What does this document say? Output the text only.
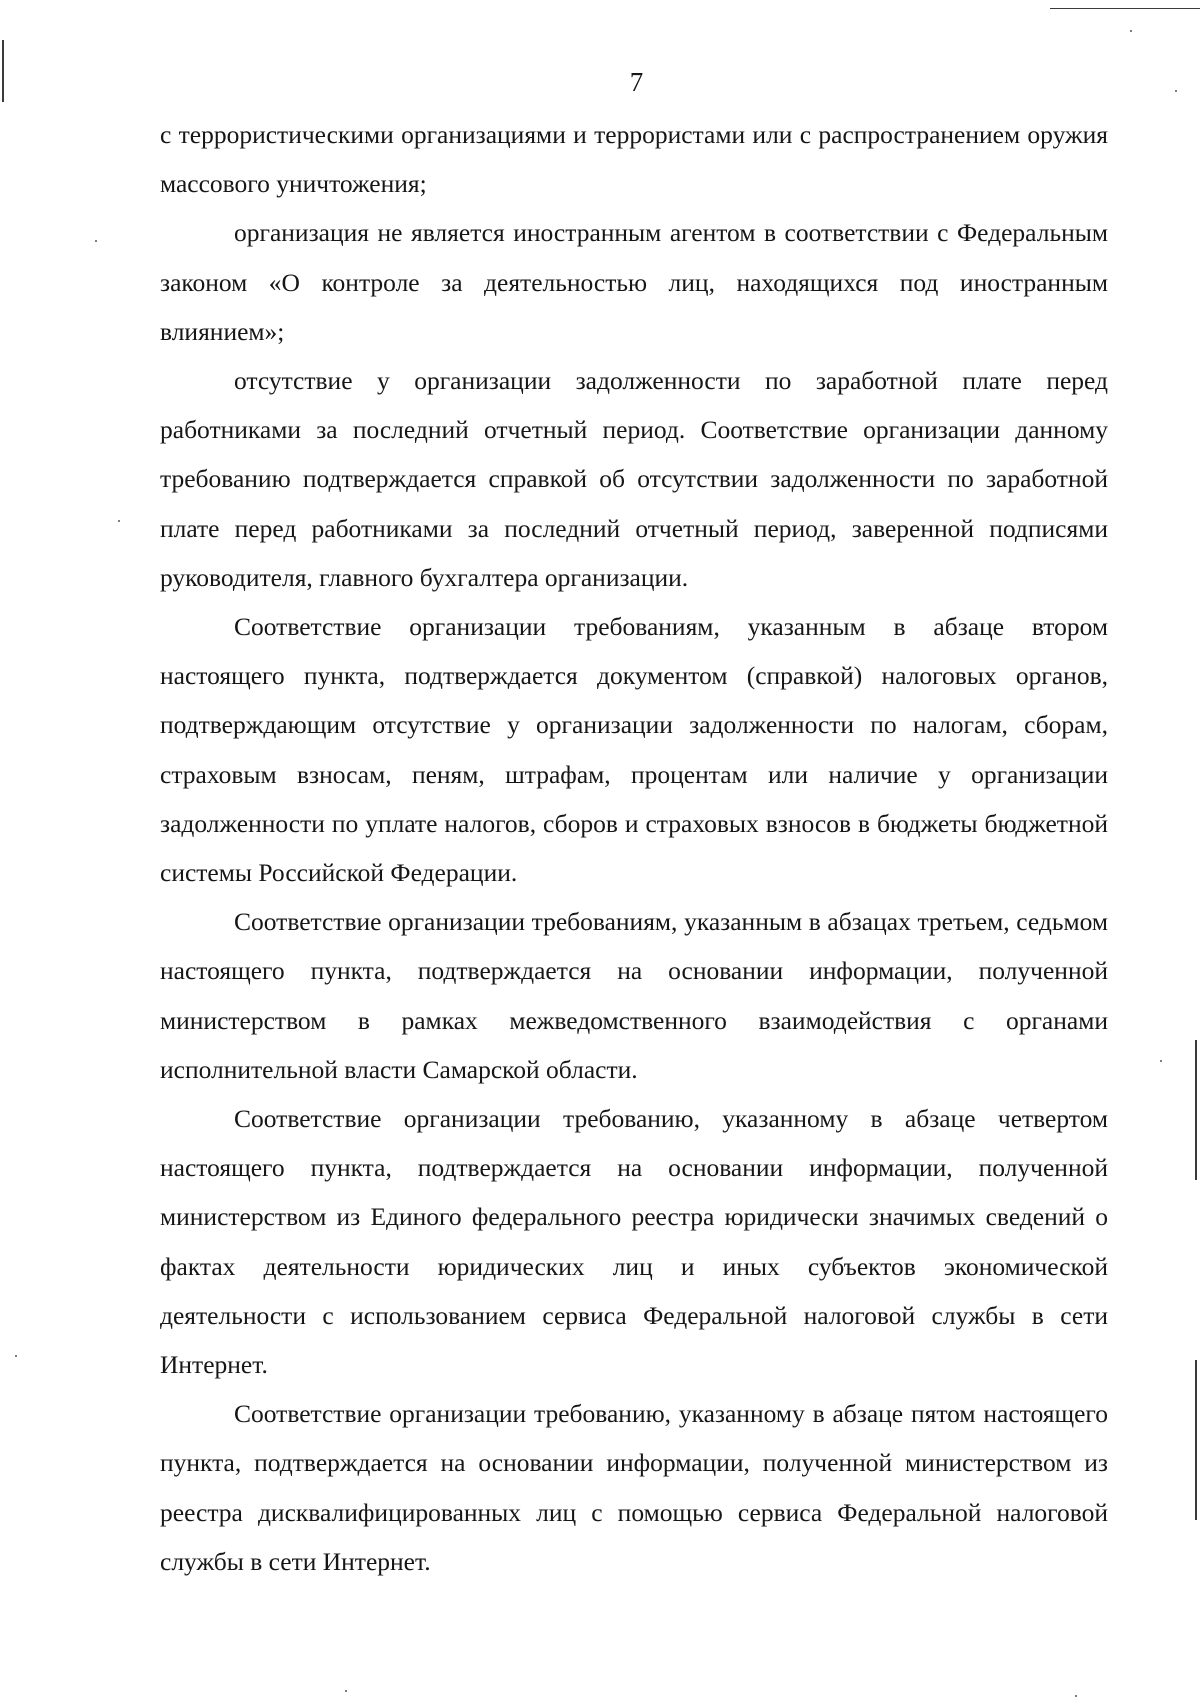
7

с террористическими организациями и террористами или с распространением оружия массового уничтожения;

организация не является иностранным агентом в соответствии с Федеральным законом «О контроле за деятельностью лиц, находящихся под иностранным влиянием»;

отсутствие у организации задолженности по заработной плате перед работниками за последний отчетный период. Соответствие организации данному требованию подтверждается справкой об отсутствии задолженности по заработной плате перед работниками за последний отчетный период, заверенной подписями руководителя, главного бухгалтера организации.

Соответствие организации требованиям, указанным в абзаце втором настоящего пункта, подтверждается документом (справкой) налоговых органов, подтверждающим отсутствие у организации задолженности по налогам, сборам, страховым взносам, пеням, штрафам, процентам или наличие у организации задолженности по уплате налогов, сборов и страховых взносов в бюджеты бюджетной системы Российской Федерации.

Соответствие организации требованиям, указанным в абзацах третьем, седьмом настоящего пункта, подтверждается на основании информации, полученной министерством в рамках межведомственного взаимодействия с органами исполнительной власти Самарской области.

Соответствие организации требованию, указанному в абзаце четвертом настоящего пункта, подтверждается на основании информации, полученной министерством из Единого федерального реестра юридически значимых сведений о фактах деятельности юридических лиц и иных субъектов экономической деятельности с использованием сервиса Федеральной налоговой службы в сети Интернет.

Соответствие организации требованию, указанному в абзаце пятом настоящего пункта, подтверждается на основании информации, полученной министерством из реестра дисквалифицированных лиц с помощью сервиса Федеральной налоговой службы в сети Интернет.
